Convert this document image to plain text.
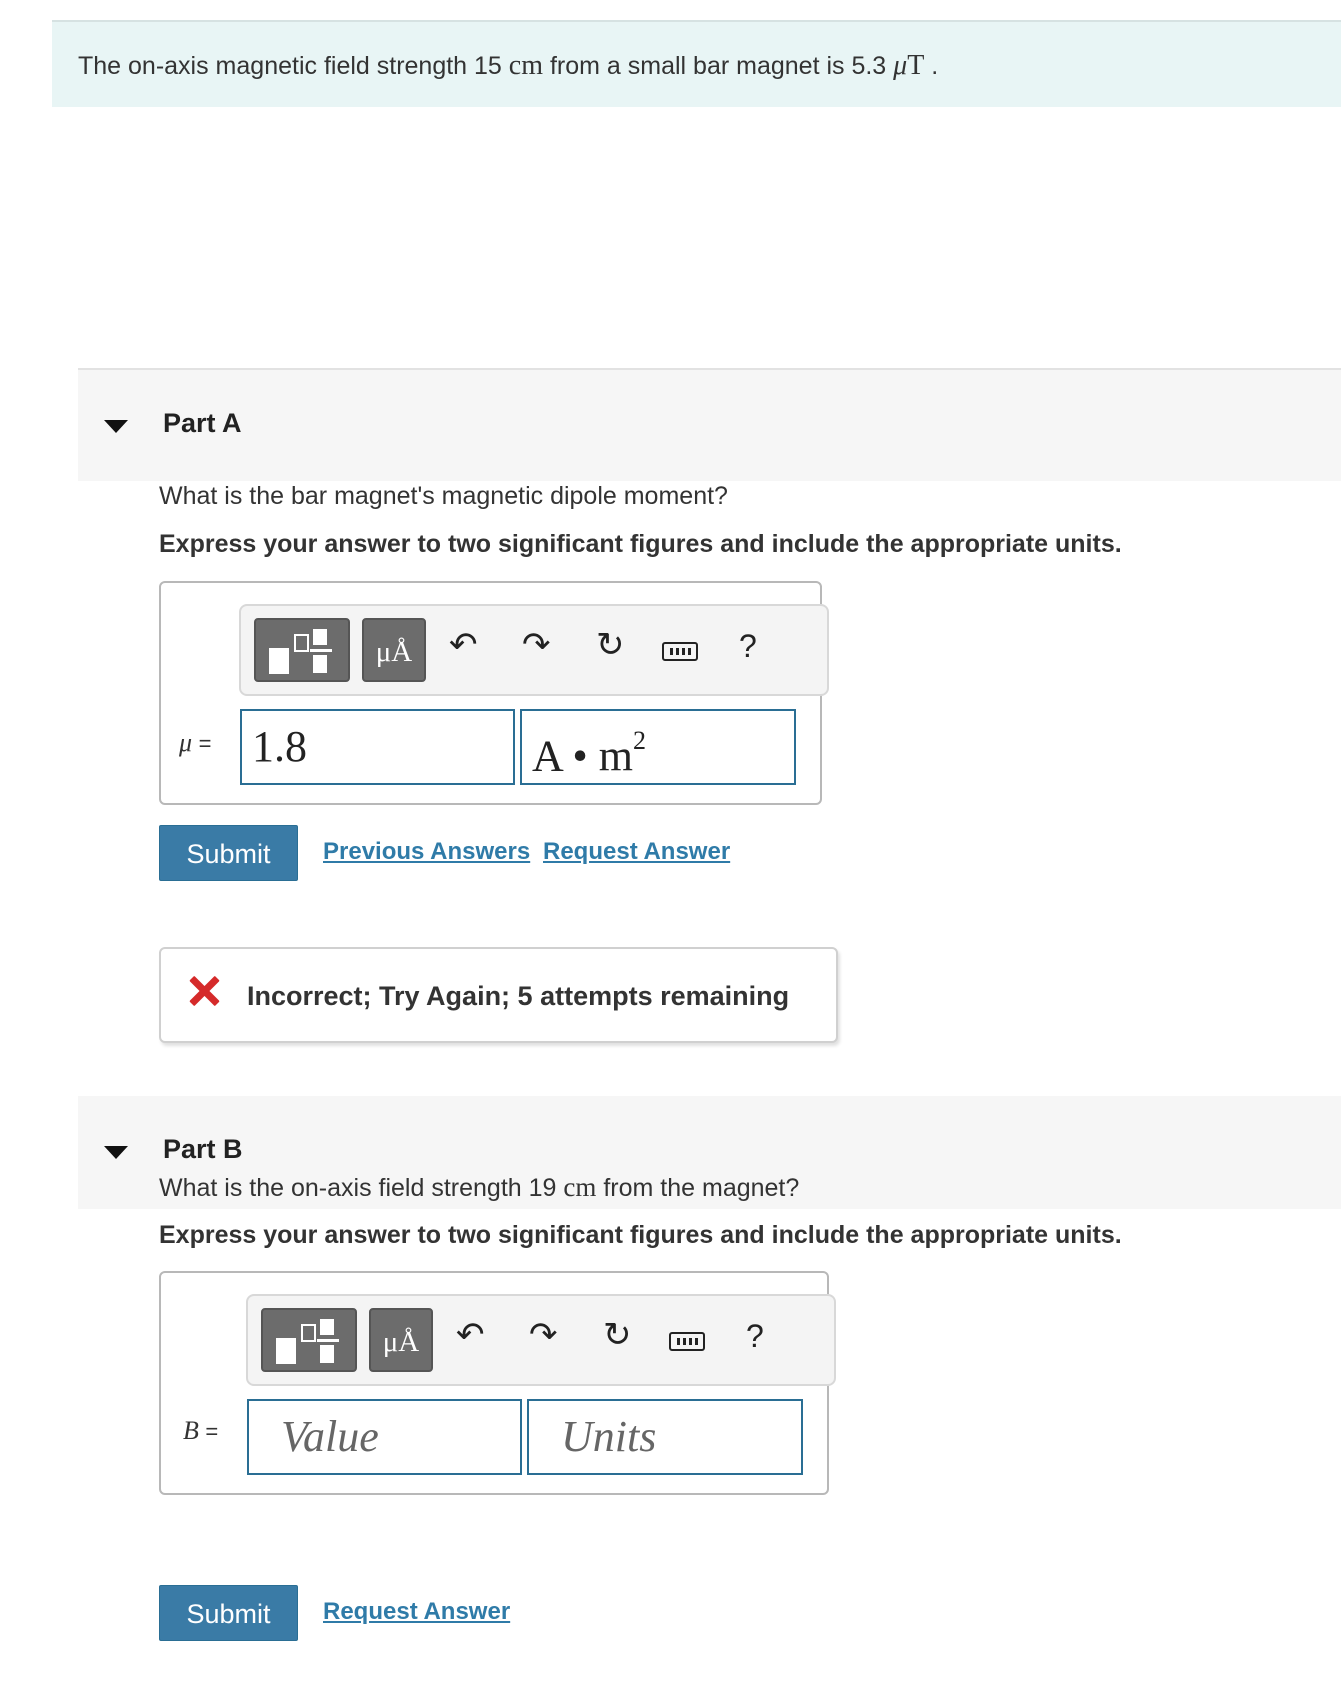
The on-axis magnetic field strength 15 cm from a small bar magnet is 5.3 μT .
Part A
What is the bar magnet's magnetic dipole moment?
Express your answer to two significant figures and include the appropriate units.
μÅ	↶ ↷ ↻	?
μ = 1.8	A • $m^2$
Submit	Previous Answers Request Answer
Incorrect; Try Again; 5 attempts remaining
Part B
What is the on-axis field strength 19 cm from the magnet?
Express your answer to two significant figures and include the appropriate units.
μÅ	↶ ↷ ↻	?
B =	Value	Units
Submit	Request Answer
